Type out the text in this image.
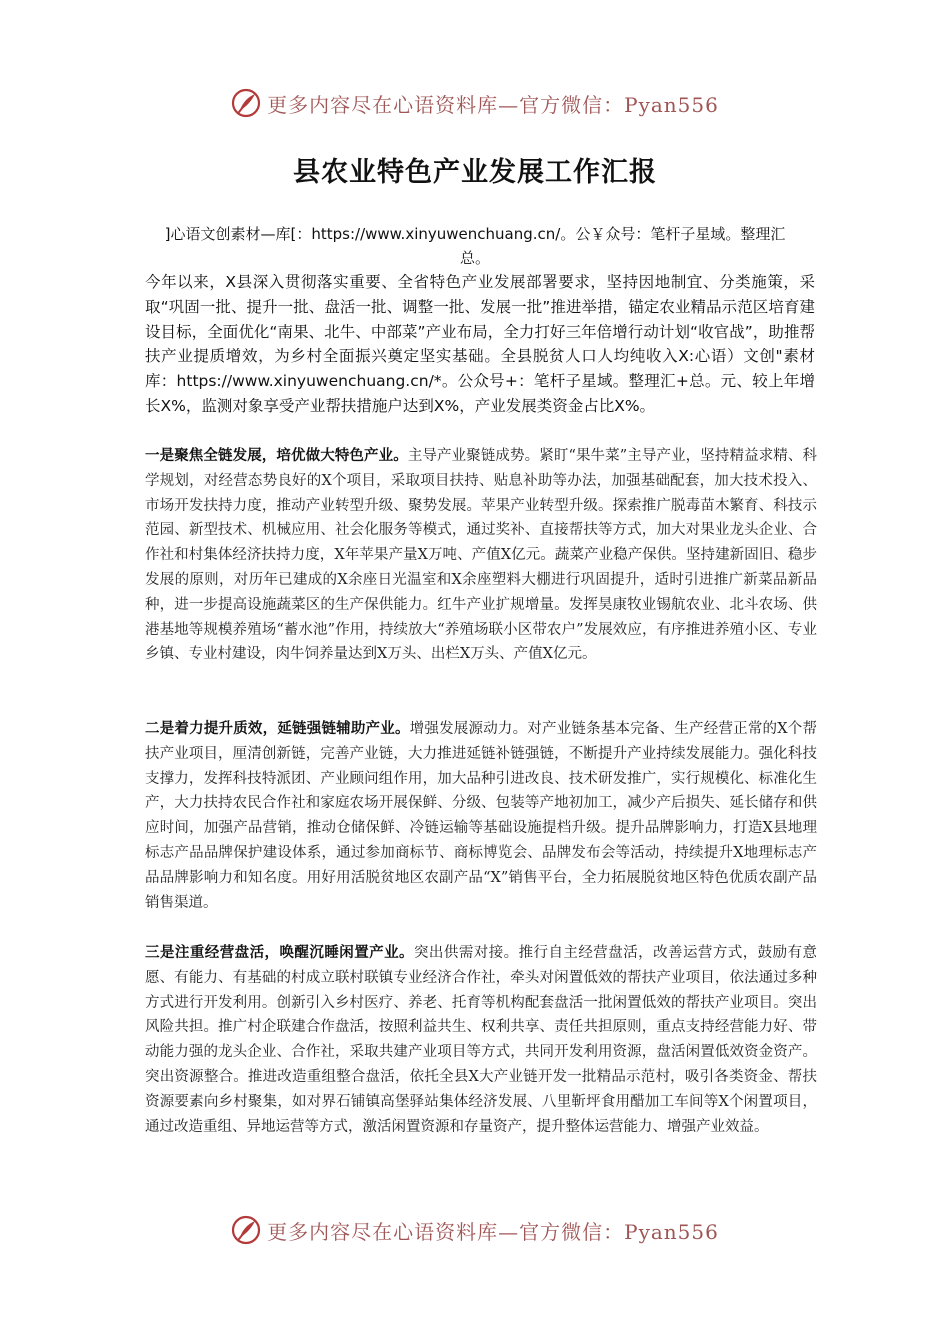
更多内容尽在心语资料库—官方微信：Pyan556
县农业特色产业发展工作汇报
]心语文创素材—库[：https://www.xinyuwenchuang.cn/。公￥众号：笔杆子星域。整理汇总。

今年以来，X县深入贯彻落实重要、全省特色产业发展部署要求，坚持因地制宜、分类施策，采取“巩固一批、提升一批、盘活一批、调整一批、发展一批”推进举措，锚定农业精品示范区培育建设目标，全面优化“南果、北牛、中部菜”产业布局，全力打好三年倍增行动计划“收官战”，助推帮扶产业提质增效，为乡村全面振兴奠定坚实基础。全县脱贫人口人均纯收入X:心语）文创"素材库：https://www.xinyuwenchuang.cn/*。公众号+：笔杆子星域。整理汇+总。元、较上年增长X%，监测对象享受产业帮扶措施户达到X%，产业发展类资金占比X%。

一是聚焦全链发展，培优做大特色产业。主导产业聚链成势。紧盯“果牛菜”主导产业，坚持精益求精、科学规划，对经营态势良好的X个项目，采取项目扶持、贴息补助等办法，加强基础配套，加大技术投入、市场开发扶持力度，推动产业转型升级、聚势发展。苹果产业转型升级。探索推广脱毒苗木繁育、科技示范园、新型技术、机械应用、社会化服务等模式，通过奖补、直接帮扶等方式，加大对果业龙头企业、合作社和村集体经济扶持力度，X年苹果产量X万吨、产值X亿元。蔬菜产业稳产保供。坚持建新固旧、稳步发展的原则，对历年已建成的X余座日光温室和X余座塑料大棚进行巩固提升，适时引进推广新菜品新品种，进一步提高设施蔬菜区的生产保供能力。红牛产业扩规增量。发挥昊康牧业锡航农业、北斗农场、供港基地等规模养殖场“蓄水池”作用，持续放大“养殖场联小区带农户”发展效应，有序推进养殖小区、专业乡镇、专业村建设，肉牛饲养量达到X万头、出栏X万头、产值X亿元。

二是着力提升质效，延链强链辅助产业。增强发展源动力。对产业链条基本完备、生产经营正常的X个帮扶产业项目，厘清创新链，完善产业链，大力推进延链补链强链，不断提升产业持续发展能力。强化科技支撑力，发挥科技特派团、产业顾问组作用，加大品种引进改良、技术研发推广，实行规模化、标准化生产，大力扶持农民合作社和家庭农场开展保鲜、分级、包装等产地初加工，减少产后损失、延长储存和供应时间，加强产品营销，推动仓储保鲜、冷链运输等基础设施提档升级。提升品牌影响力，打造X县地理标志产品品牌保护建设体系，通过参加商标节、商标博览会、品牌发布会等活动，持续提升X地理标志产品品牌影响力和知名度。用好用活脱贫地区农副产品“X”销售平台，全力拓展脱贫地区特色优质农副产品销售渠道。

三是注重经营盘活，唤醒沉睡闲置产业。突出供需对接。推行自主经营盘活，改善运营方式，鼓励有意愿、有能力、有基础的村成立联村联镇专业经济合作社，牵头对闲置低效的帮扶产业项目，依法通过多种方式进行开发利用。创新引入乡村医疗、养老、托育等机构配套盘活一批闲置低效的帮扶产业项目。突出风险共担。推广村企联建合作盘活，按照利益共生、权利共享、责任共担原则，重点支持经营能力好、带动能力强的龙头企业、合作社，采取共建产业项目等方式，共同开发利用资源，盘活闲置低效资金资产。突出资源整合。推进改造重组整合盘活，依托全县X大产业链开发一批精品示范村，吸引各类资金、帮扶资源要素向乡村聚集，如对界石铺镇高堡驿站集体经济发展、八里靳坪食用醋加工车间等X个闲置项目，通过改造重组、异地运营等方式，激活闲置资源和存量资产，提升整体运营能力、增强产业效益。

更多内容尽在心语资料库—官方微信：Pyan556
